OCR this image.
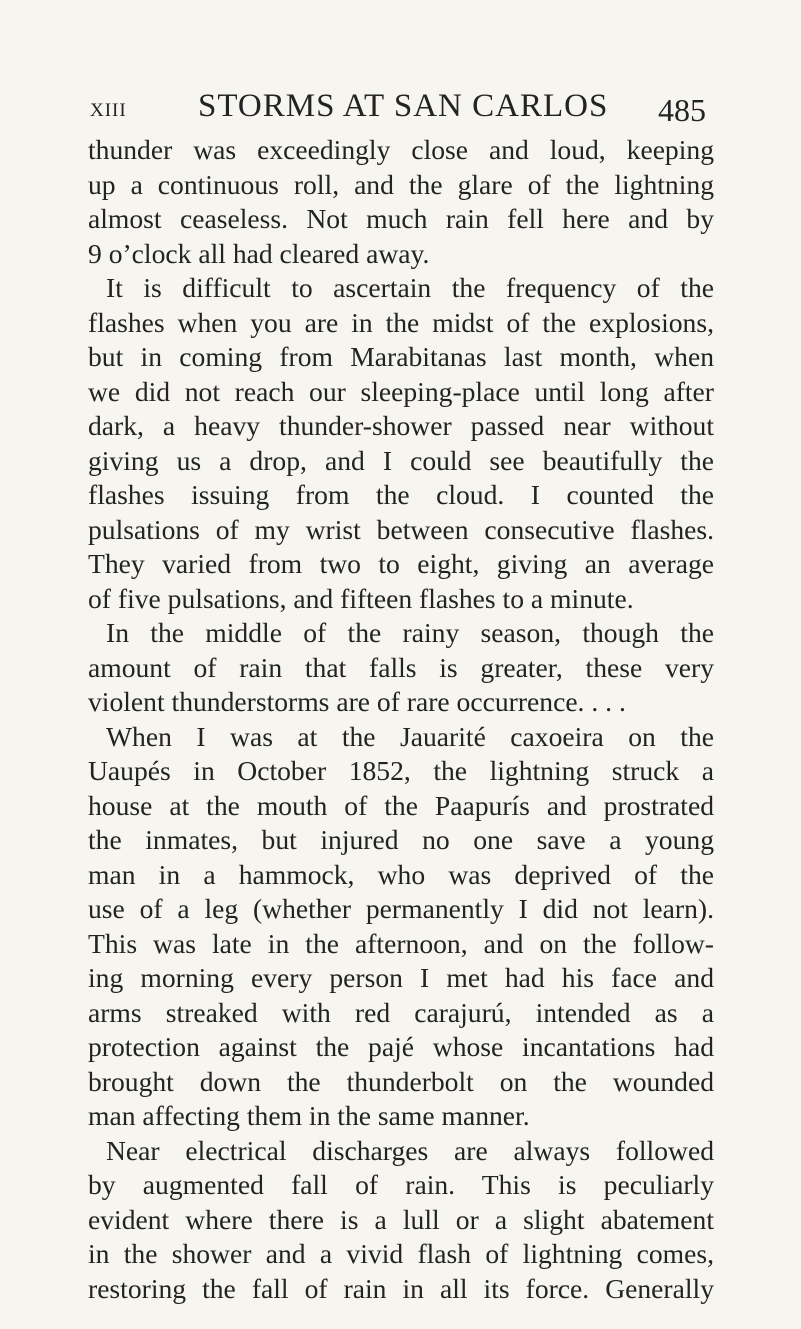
XIII STORMS AT SAN CARLOS 485
thunder was exceedingly close and loud, keeping
up a continuous roll, and the glare of the lightning
almost ceaseless. Not much rain fell here and by
9 o’clock all had cleared away.
It is difficult to ascertain the frequency of the
flashes when you are in the midst of the explosions,
but in coming from Marabitanas last month, when
we did not reach our sleeping-place until long after
dark, a heavy thunder-shower passed near without
giving us a drop, and I could see beautifully the
flashes issuing from the cloud. I counted the
pulsations of my wrist between consecutive flashes.
They varied from two to eight, giving an average
of five pulsations, and fifteen flashes to a minute.
In the middle of the rainy season, though the
amount of rain that falls is greater, these very
violent thunderstorms are of rare occurrence. . . .
When I was at the Jauarité caxoeira on the
Uaupés in October 1852, the lightning struck a
house at the mouth of the Paapurís and prostrated
the inmates, but injured no one save a young
man in a hammock, who was deprived of the
use of a leg (whether permanently I did not learn).
This was late in the afternoon, and on the follow-
ing morning every person I met had his face and
arms streaked with red carajurú, intended as a
protection against the pajé whose incantations had
brought down the thunderbolt on the wounded
man affecting them in the same manner.
Near electrical discharges are always followed
by augmented fall of rain. This is peculiarly
evident where there is a lull or a slight abatement
in the shower and a vivid flash of lightning comes,
restoring the fall of rain in all its force. Generally
